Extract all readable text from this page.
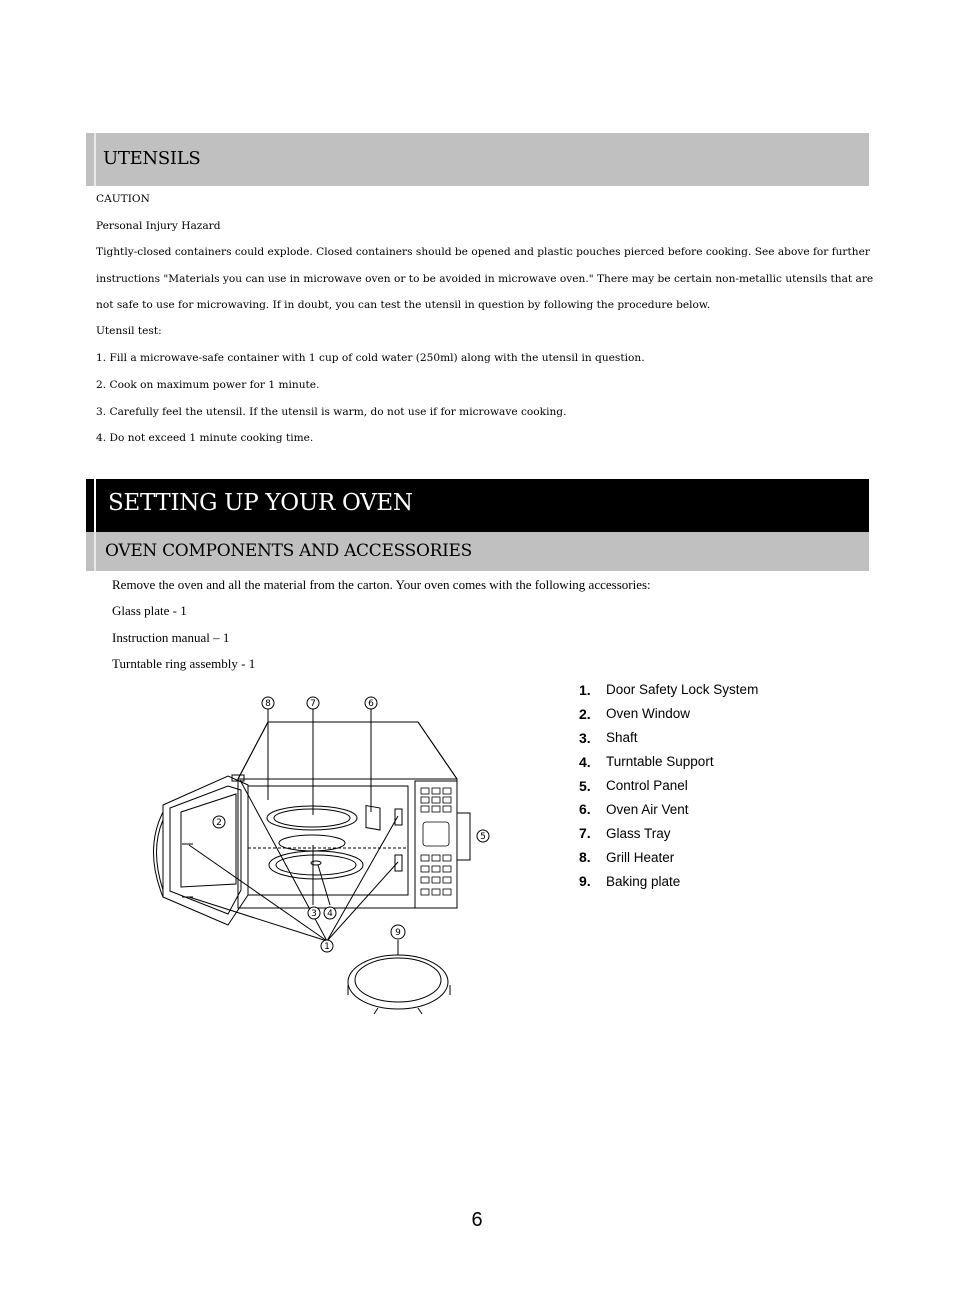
UTENSILS
CAUTION
Personal Injury Hazard
Tightly-closed containers could explode. Closed containers should be opened and plastic pouches pierced before cooking. See above for further
instructions "Materials you can use in microwave oven or to be avoided in microwave oven." There may be certain non-metallic utensils that are
not safe to use for microwaving. If in doubt, you can test the utensil in question by following the procedure below.
Utensil test:
1. Fill a microwave-safe container with 1 cup of cold water (250ml) along with the utensil in question.
2. Cook on maximum power for 1 minute.
3. Carefully feel the utensil. If the utensil is warm, do not use if for microwave cooking.
4. Do not exceed 1 minute cooking time.
SETTING UP YOUR OVEN
OVEN COMPONENTS AND ACCESSORIES
Remove the oven and all the material from the carton. Your oven comes with the following accessories:
Glass plate - 1
Instruction manual – 1
Turntable ring assembly - 1
8	7	6
2
5
3 4
1
9
1.	Door Safety Lock System
2.	Oven Window
3.	Shaft
4.	Turntable Support
5.	Control Panel
6.	Oven Air Vent
7.	Glass Tray
8.	Grill Heater
9.	Baking plate
6
